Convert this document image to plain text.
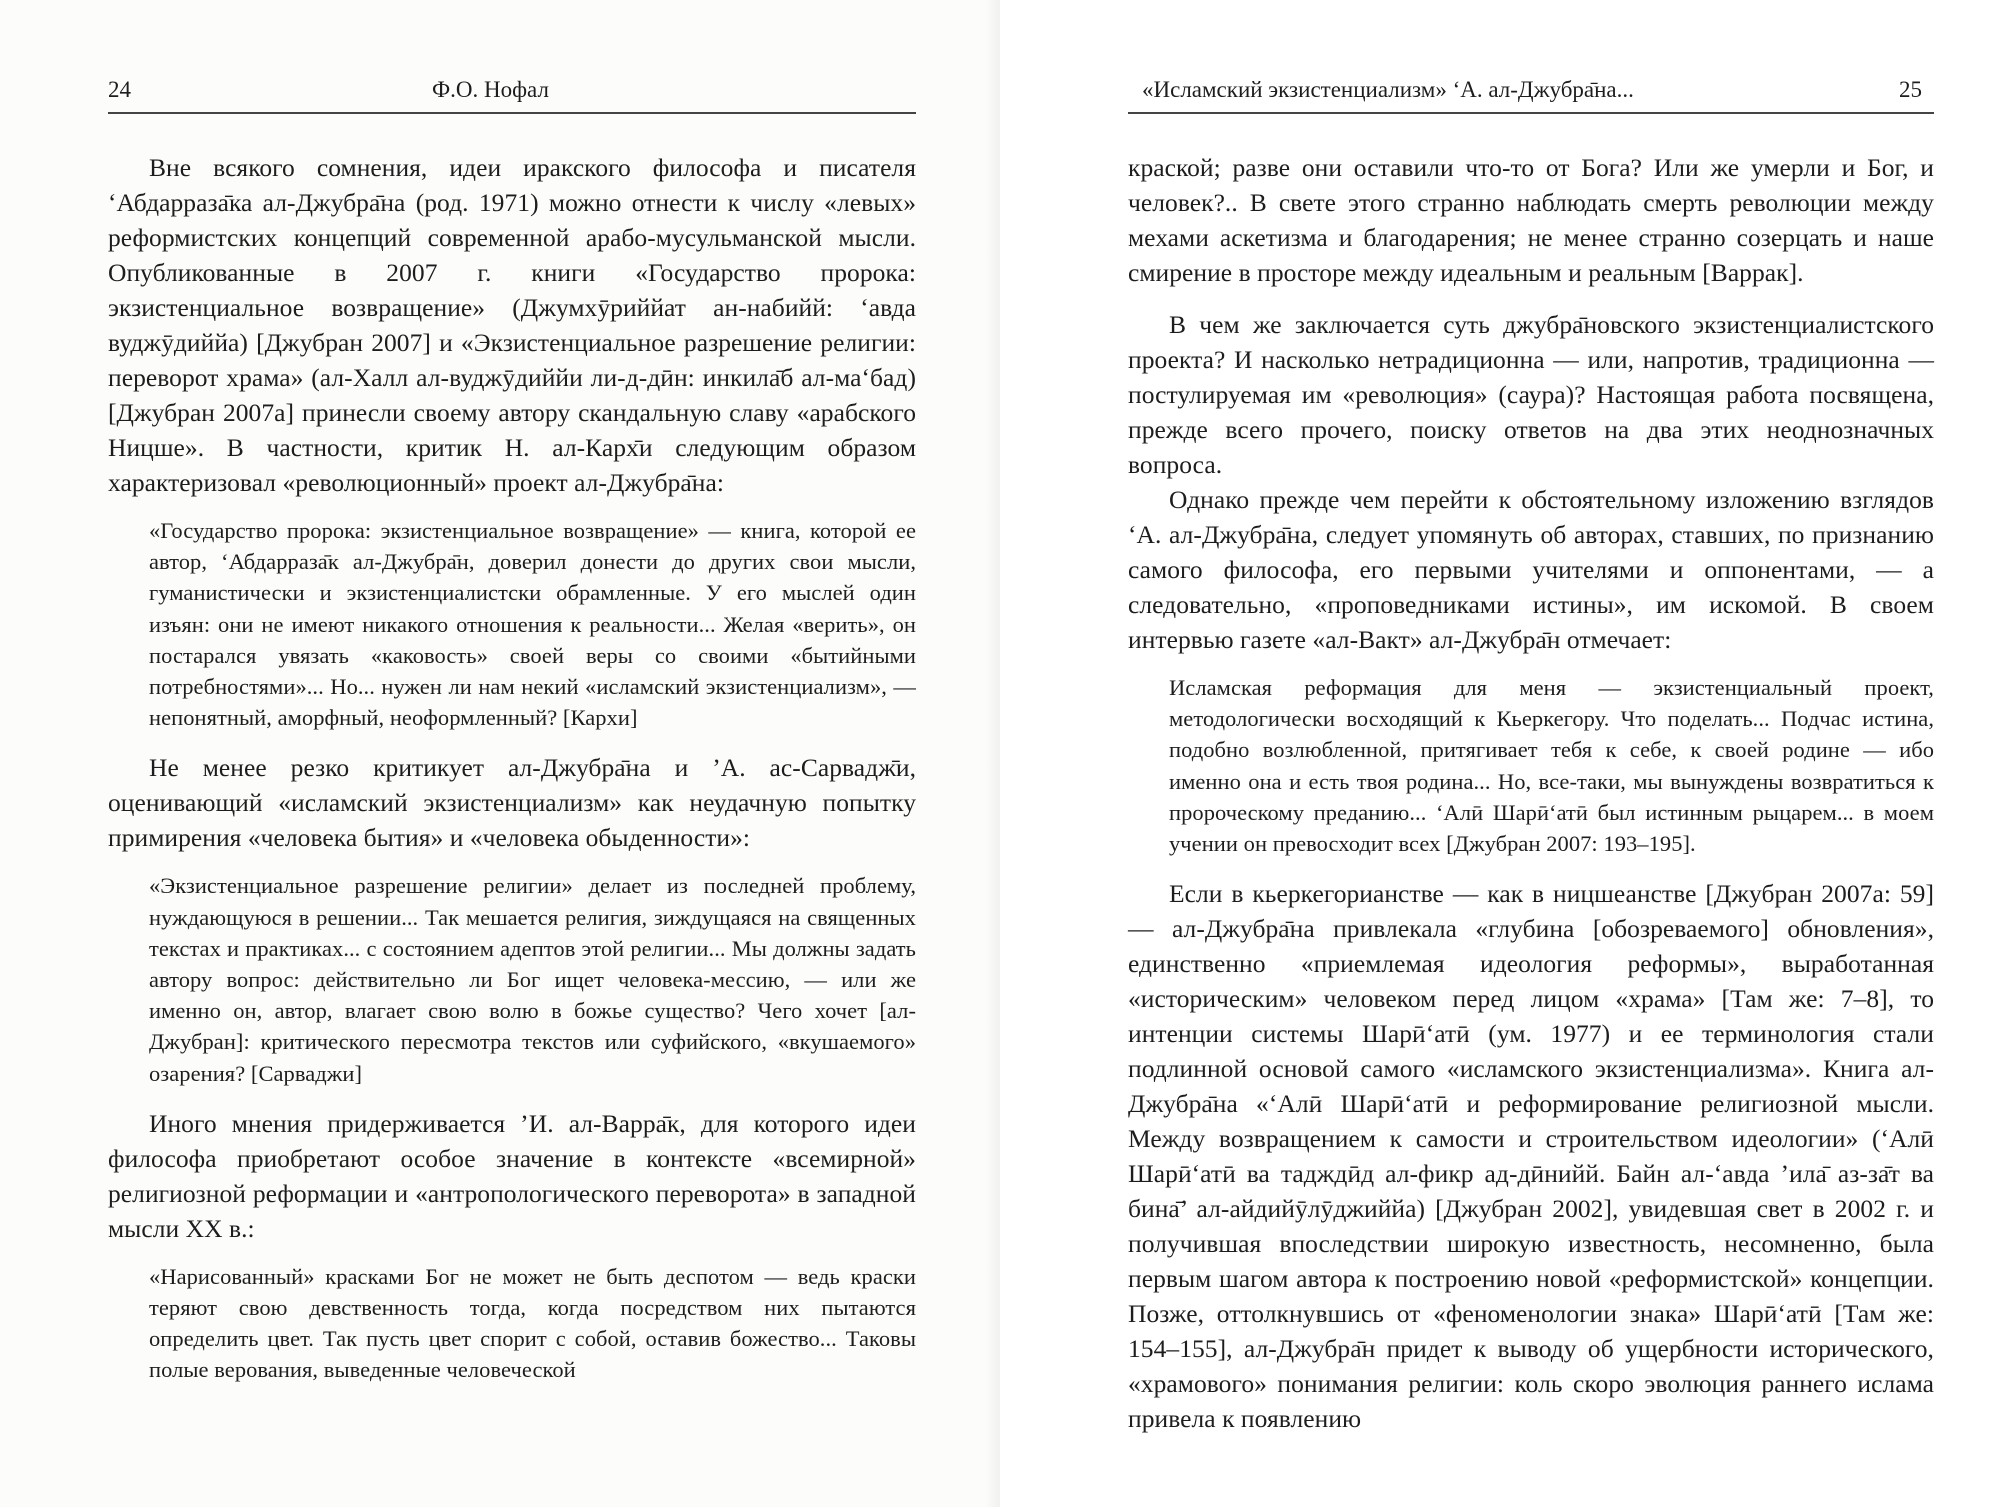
24	Ф.О. Нофал

Вне всякого сомнения, идеи иракского философа и писателя ‘Абдарраза̄ка ал-Джубра̄на (род. 1971) можно отнести к числу «левых» реформистских концепций современной арабо-мусульманской мысли. Опубликованные в 2007 г. книги «Государство пророка: экзистенциальное возвращение» (Джумхӯриййат ан-набийй: ‘авда вуджӯдиййа) [Джубран 2007] и «Экзистенциальное разрешение религии: переворот храма» (ал-Халл ал-вуджӯдиййи ли-д-дӣн: инкила̄б ал-ма‘бад) [Джубран 2007а] принесли своему автору скандальную славу «арабского Ницше». В частности, критик Н. ал-Карх̄и следующим образом характеризовал «революционный» проект ал-Джубра̄на:

«Государство пророка: экзистенциальное возвращение» — книга, которой ее автор, ‘Абдарраза̄к ал-Джубра̄н, доверил донести до других свои мысли, гуманистически и экзистенциалистски обрамленные. У его мыслей один изъян: они не имеют никакого отношения к реальности... Желая «верить», он постарался увязать «каковость» своей веры со своими «бытийными потребностями»... Но... нужен ли нам некий «исламский экзистенциализм», — непонятный, аморфный, неоформленный? [Кархи]

Не менее резко критикует ал-Джубра̄на и ’А. ас-Сарвадж̄и, оценивающий «исламский экзистенциализм» как неудачную попытку примирения «человека бытия» и «человека обыденности»:

«Экзистенциальное разрешение религии» делает из последней проблему, нуждающуюся в решении... Так мешается религия, зиждущаяся на священных текстах и практиках... с состоянием адептов этой религии... Мы должны задать автору вопрос: действительно ли Бог ищет человека-мессию, — или же именно он, автор, влагает свою волю в божье существо? Чего хочет [ал-Джубран]: критического пересмотра текстов или суфийского, «вкушаемого» озарения? [Сарваджи]

Иного мнения придерживается ’И. ал-Варра̄к, для которого идеи философа приобретают особое значение в контексте «всемирной» религиозной реформации и «антропологического переворота» в западной мысли XX в.:

«Нарисованный» красками Бог не может не быть деспотом — ведь краски теряют свою девственность тогда, когда посредством них пытаются определить цвет. Так пусть цвет спорит с собой, оставив божество... Таковы полые верования, выведенные человеческой

«Исламский экзистенциализм» ‘А. ал-Джубра̄на...	25

краской; разве они оставили что-то от Бога? Или же умерли и Бог, и человек?.. В свете этого странно наблюдать смерть революции между мехами аскетизма и благодарения; не менее странно созерцать и наше смирение в просторе между идеальным и реальным [Варрак].

В чем же заключается суть джубра̄новского экзистенциалистского проекта? И насколько нетрадиционна — или, напротив, традиционна — постулируемая им «революция» (саура)? Настоящая работа посвящена, прежде всего прочего, поиску ответов на два этих неоднозначных вопроса.

Однако прежде чем перейти к обстоятельному изложению взглядов ‘А. ал-Джубра̄на, следует упомянуть об авторах, ставших, по признанию самого философа, его первыми учителями и оппонентами, — а следовательно, «проповедниками истины», им искомой. В своем интервью газете «ал-Вакт» ал-Джубра̄н отмечает:

Исламская реформация для меня — экзистенциальный проект, методологически восходящий к Кьеркегору. Что поделать... Подчас истина, подобно возлюбленной, притягивает тебя к себе, к своей родине — ибо именно она и есть твоя родина... Но, все-таки, мы вынуждены возвратиться к пророческому преданию... ‘Алӣ Шарӣ‘атӣ был истинным рыцарем... в моем учении он превосходит всех [Джубран 2007: 193–195].

Если в кьеркегорианстве — как в ницшеанстве [Джубран 2007а: 59] — ал-Джубра̄на привлекала «глубина [обозреваемого] обновления», единственно «приемлемая идеология реформы», выработанная «историческим» человеком перед лицом «храма» [Там же: 7–8], то интенции системы Шарӣ‘атӣ (ум. 1977) и ее терминология стали подлинной основой самого «исламского экзистенциализма». Книга ал-Джубра̄на «‘Алӣ Шарӣ‘атӣ и реформирование религиозной мысли. Между возвращением к самости и строительством идеологии» (‘Алӣ Шарӣ‘атӣ ва тадждӣд ал-фикр ад-дӣнийй. Байн ал-‘авда ’ила̄ аз-за̄т ва бина̄’ ал-айдийӯлӯджиййа) [Джубран 2002], увидевшая свет в 2002 г. и получившая впоследствии широкую известность, несомненно, была первым шагом автора к построению новой «реформистской» концепции. Позже, оттолкнувшись от «феноменологии знака» Шарӣ‘атӣ [Там же: 154–155], ал-Джубра̄н придет к выводу об ущербности исторического, «храмового» понимания религии: коль скоро эволюция раннего ислама привела к появлению
